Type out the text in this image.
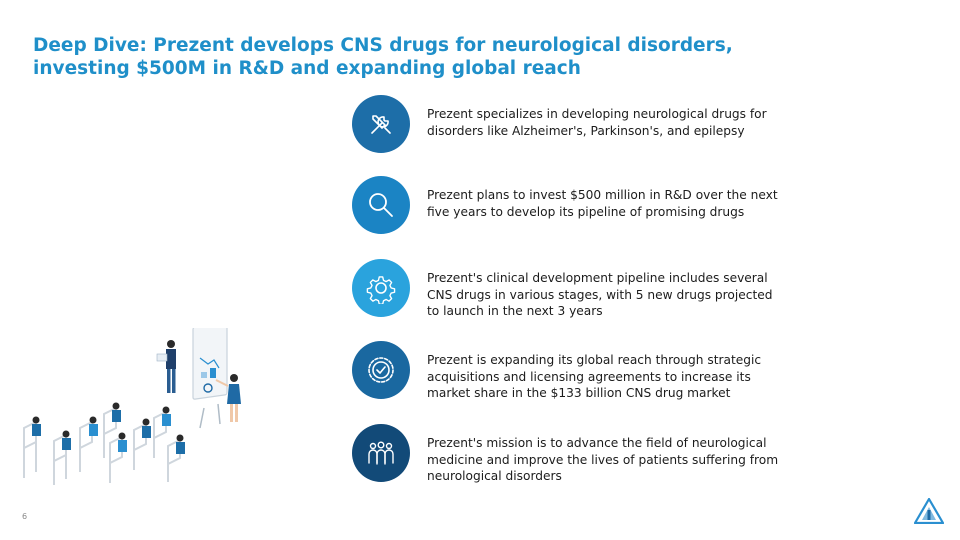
Deep Dive: Prezent develops CNS drugs for neurological disorders, investing $500M in R&D and expanding global reach
Prezent specializes in developing neurological drugs for disorders like Alzheimer's, Parkinson's, and epilepsy
Prezent plans to invest $500 million in R&D over the next five years to develop its pipeline of promising drugs
Prezent's clinical development pipeline includes several CNS drugs in various stages, with 5 new drugs projected to launch in the next 3 years
Prezent is expanding its global reach through strategic acquisitions and licensing agreements to increase its market share in the $133 billion CNS drug market
Prezent's mission is to advance the field of neurological medicine and improve the lives of patients suffering from neurological disorders
6
